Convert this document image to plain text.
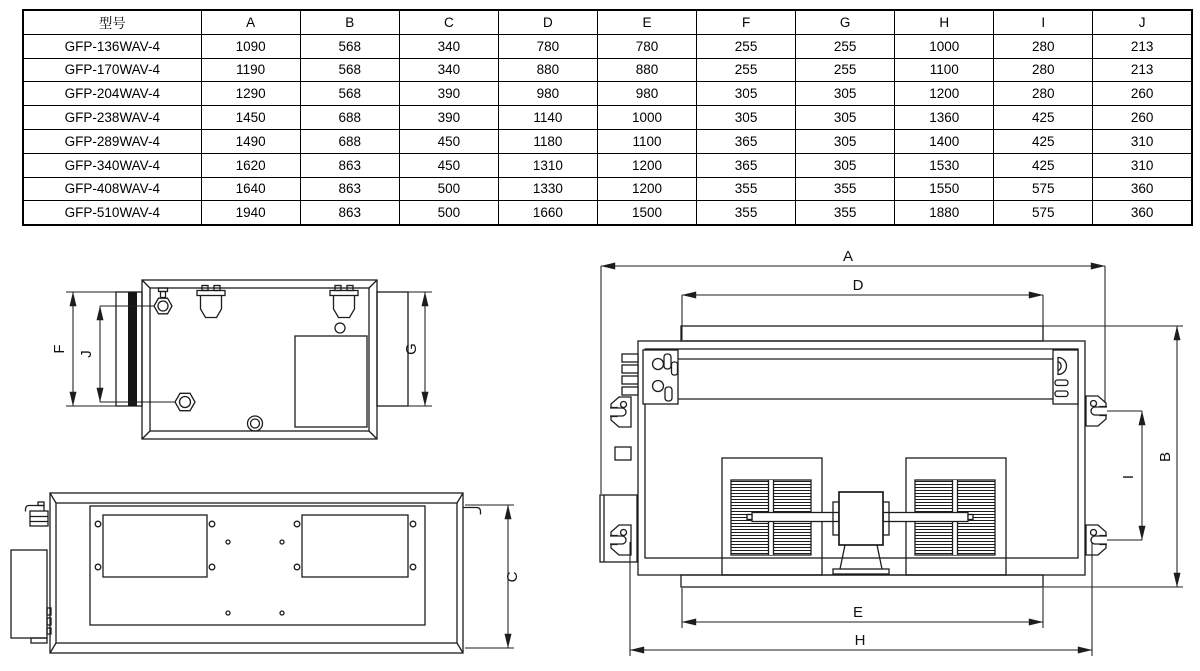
型号	A	B	C	D	E	F	G	H	I	J
GFP-136WAV-4	1090	568	340	780	780	255	255	1000	280	213
GFP-170WAV-4	1190	568	340	880	880	255	255	1100	280	213
GFP-204WAV-4	1290	568	390	980	980	305	305	1200	280	260
GFP-238WAV-4	1450	688	390	1140	1000	305	305	1360	425	260
GFP-289WAV-4	1490	688	450	1180	1100	365	305	1400	425	310
GFP-340WAV-4	1620	863	450	1310	1200	365	305	1530	425	310
GFP-408WAV-4	1640	863	500	1330	1200	355	355	1550	575	360
GFP-510WAV-4	1940	863	500	1660	1500	355	355	1880	575	360
F
J	G
C
A
D
B
I
E
H
